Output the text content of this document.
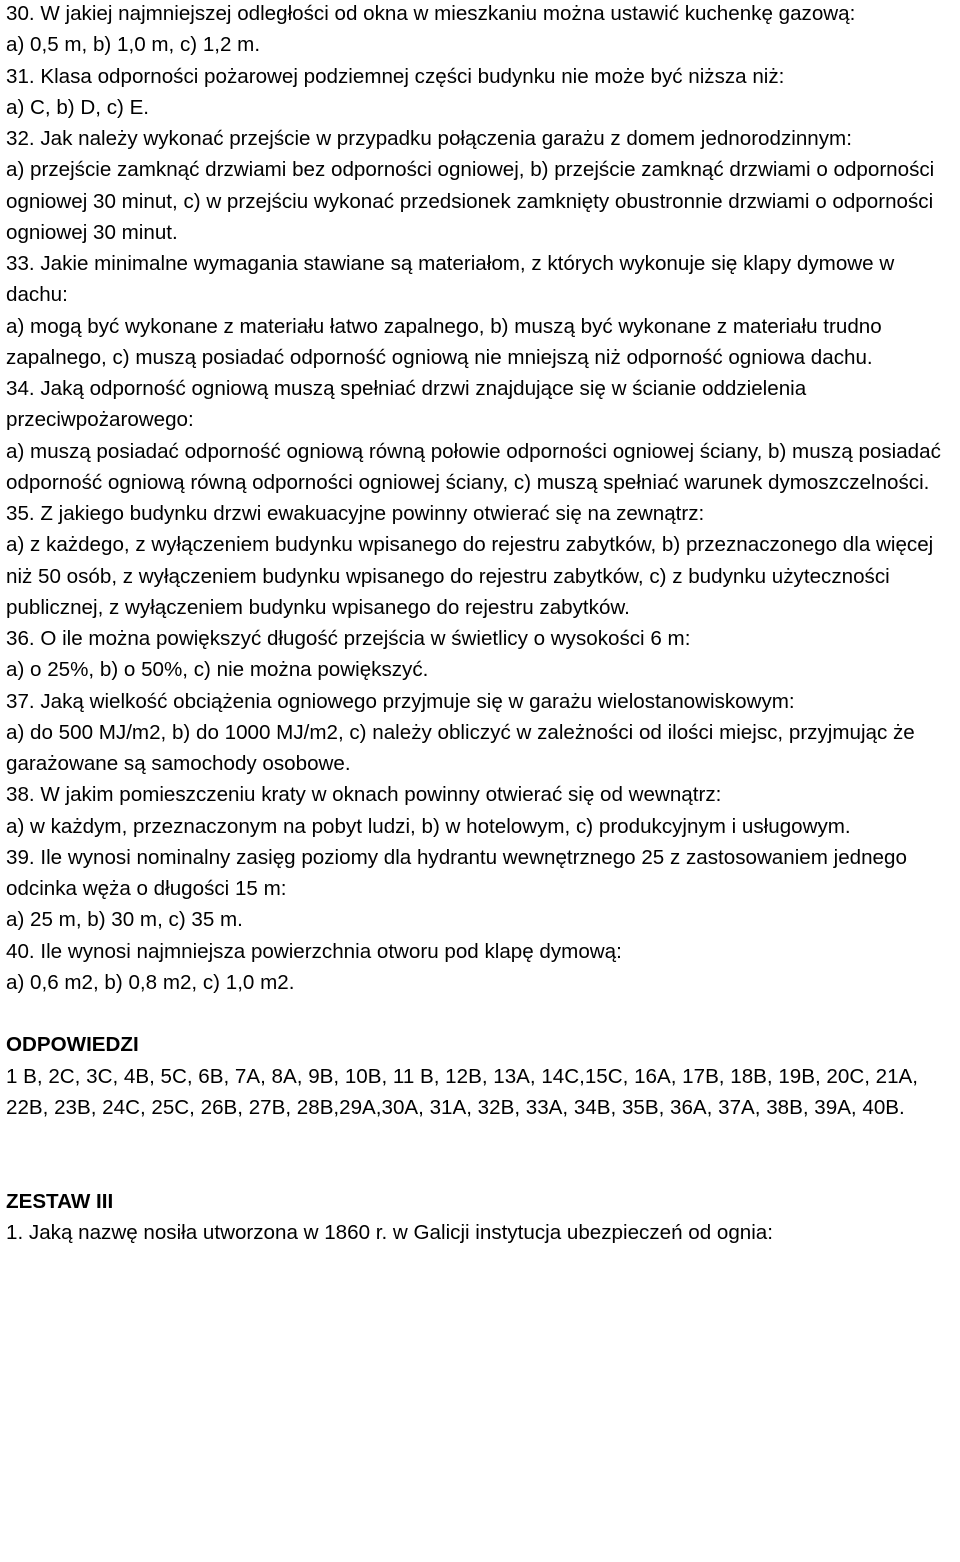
30. W jakiej najmniejszej odległości od okna w mieszkaniu można ustawić kuchenkę gazową:

a) 0,5 m, b) 1,0 m, c) 1,2 m.

31. Klasa odporności pożarowej podziemnej części budynku nie może być niższa niż:

a) C, b) D, c) E.

32. Jak należy wykonać przejście w przypadku połączenia garażu z domem jednorodzinnym:

a) przejście zamknąć drzwiami bez odporności ogniowej, b) przejście zamknąć drzwiami o odporności ogniowej 30 minut, c) w przejściu wykonać przedsionek zamknięty obustronnie drzwiami o odporności ogniowej 30 minut.

33. Jakie minimalne wymagania stawiane są materiałom, z których wykonuje się klapy dymowe w dachu:

a) mogą być wykonane z materiału łatwo zapalnego, b) muszą być wykonane z materiału trudno zapalnego, c) muszą posiadać odporność ogniową nie mniejszą niż odporność ogniowa dachu.

34. Jaką odporność ogniową muszą spełniać drzwi znajdujące się w ścianie oddzielenia przeciwpożarowego:

a) muszą posiadać odporność ogniową równą połowie odporności ogniowej ściany, b) muszą posiadać odporność ogniową równą odporności ogniowej ściany, c) muszą spełniać warunek dymoszczelności.

35. Z jakiego budynku drzwi ewakuacyjne powinny otwierać się na zewnątrz:

a) z każdego, z wyłączeniem budynku wpisanego do rejestru zabytków, b) przeznaczonego dla więcej niż 50 osób, z wyłączeniem budynku wpisanego do rejestru zabytków, c) z budynku użyteczności publicznej, z wyłączeniem budynku wpisanego do rejestru zabytków.

36. O ile można powiększyć długość przejścia w świetlicy o wysokości 6 m:

a) o 25%, b) o 50%, c) nie można powiększyć.

37. Jaką wielkość obciążenia ogniowego przyjmuje się w garażu wielostanowiskowym:

a) do 500 MJ/m2, b) do 1000 MJ/m2, c) należy obliczyć w zależności od ilości miejsc, przyjmując że garażowane są samochody osobowe.

38. W jakim pomieszczeniu kraty w oknach powinny otwierać się od wewnątrz:

a) w każdym, przeznaczonym na pobyt ludzi, b) w hotelowym, c) produkcyjnym i usługowym.

39. Ile wynosi nominalny zasięg poziomy dla hydrantu wewnętrznego 25 z zastosowaniem jednego odcinka węża o długości 15 m:

a) 25 m, b) 30 m, c) 35 m.

40. Ile wynosi najmniejsza powierzchnia otworu pod klapę dymową:

a) 0,6 m2, b) 0,8 m2, c) 1,0 m2.

ODPOWIEDZI

1 B, 2C, 3C, 4B, 5C, 6B, 7A, 8A, 9B, 10B, 11 B, 12B, 13A, 14C,15C, 16A, 17B, 18B, 19B, 20C, 21A, 22B, 23B, 24C, 25C, 26B, 27B, 28B,29A,30A, 31A, 32B, 33A, 34B, 35B, 36A, 37A, 38B, 39A, 40B.

ZESTAW III

1. Jaką nazwę nosiła utworzona w 1860 r. w Galicji instytucja ubezpieczeń od ognia:
